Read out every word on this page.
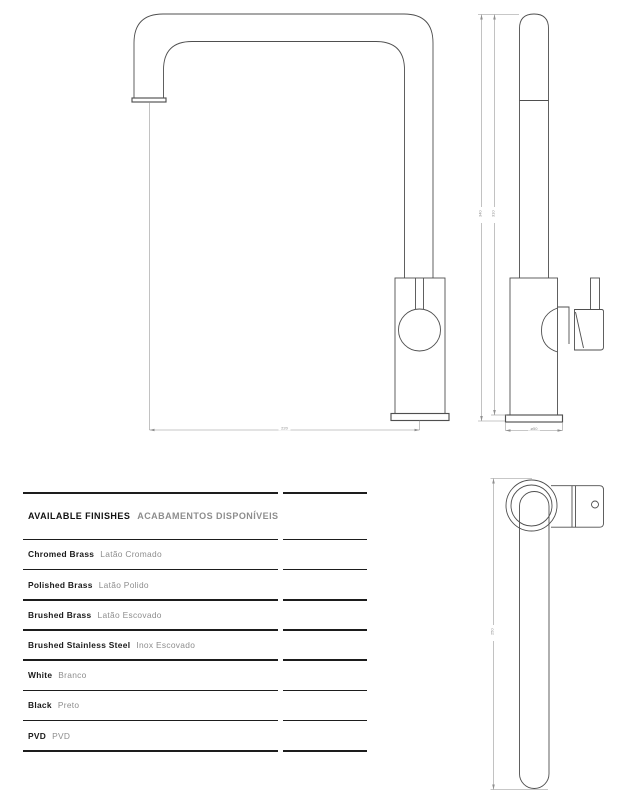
220
340 310
ø50
250
AVAILABLE FINISHES ACABAMENTOS DISPONÍVEIS
Chromed Brass Latão Cromado
Polished Brass Latão Polido
Brushed Brass Latão Escovado
Brushed Stainless Steel Inox Escovado
White Branco
Black Preto
PVD PVD
